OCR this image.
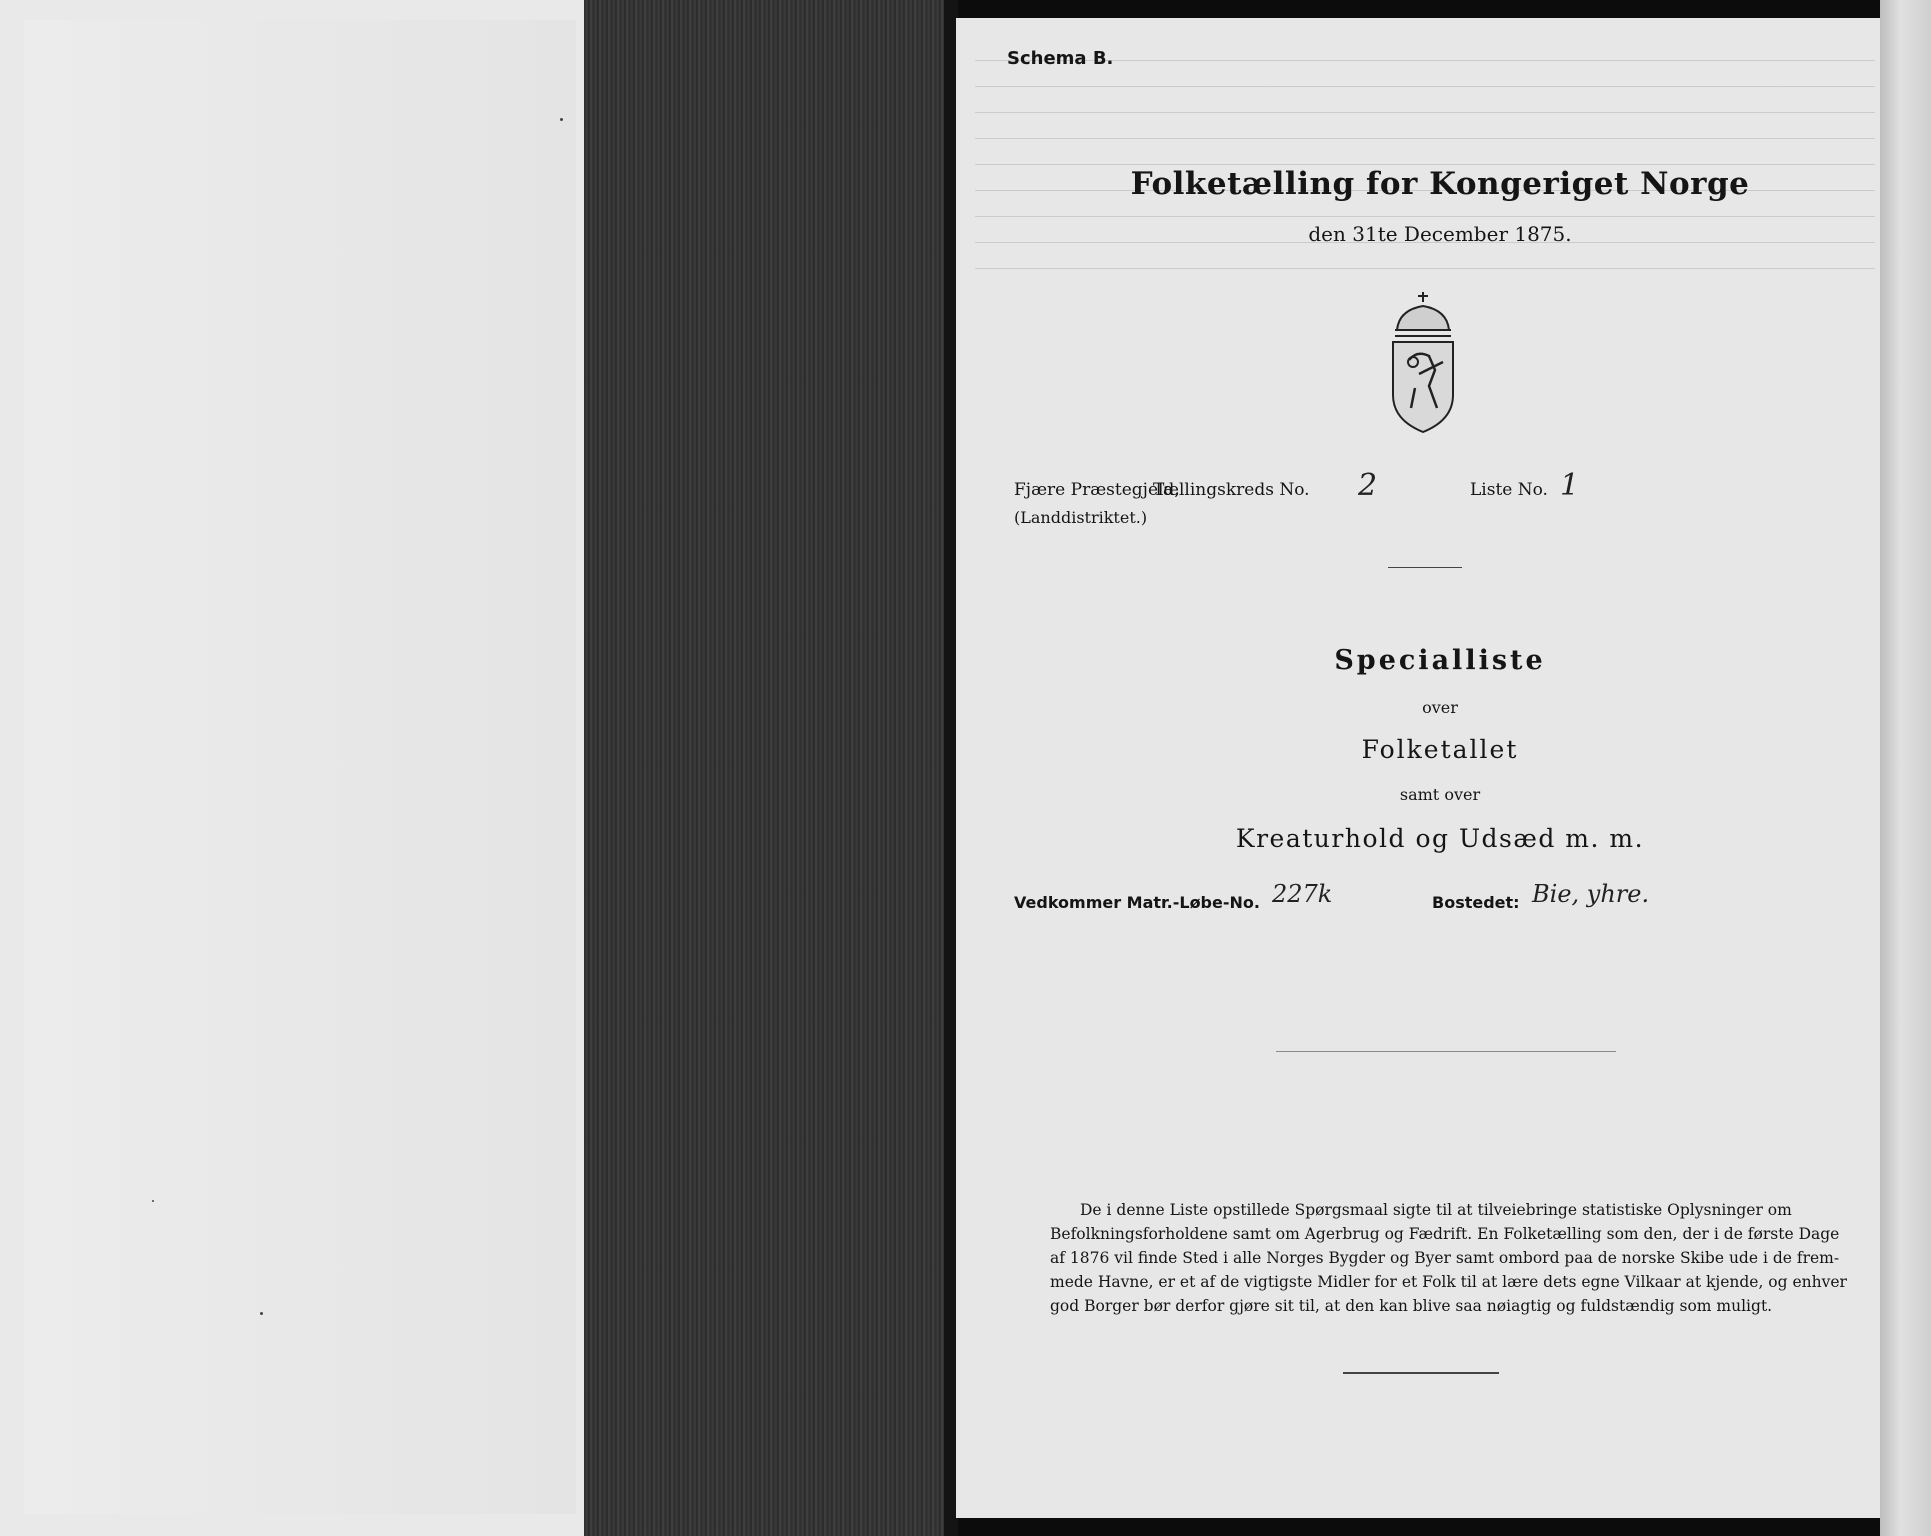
Schema B.
Folketælling for Kongeriget Norge
den 31te December 1875.
Fjære Præstegjeld,
Tællingskreds No. 2	Liste No. 1
(Landdistriktet.)
Specialliste
over
Folketallet
samt over
Kreaturhold og Udsæd m. m.
Vedkommer Matr.-Løbe-No. 227k	Bostedet: Bie, yhre.
De i denne Liste opstillede Spørgsmaal sigte til at tilveiebringe statistiske Oplysninger om
Befolkningsforholdene samt om Agerbrug og Fædrift. En Folketælling som den, der i de første Dage
af 1876 vil finde Sted i alle Norges Bygder og Byer samt ombord paa de norske Skibe ude i de frem-
mede Havne, er et af de vigtigste Midler for et Folk til at lære dets egne Vilkaar at kjende, og enhver
god Borger bør derfor gjøre sit til, at den kan blive saa nøiagtig og fuldstændig som muligt.
